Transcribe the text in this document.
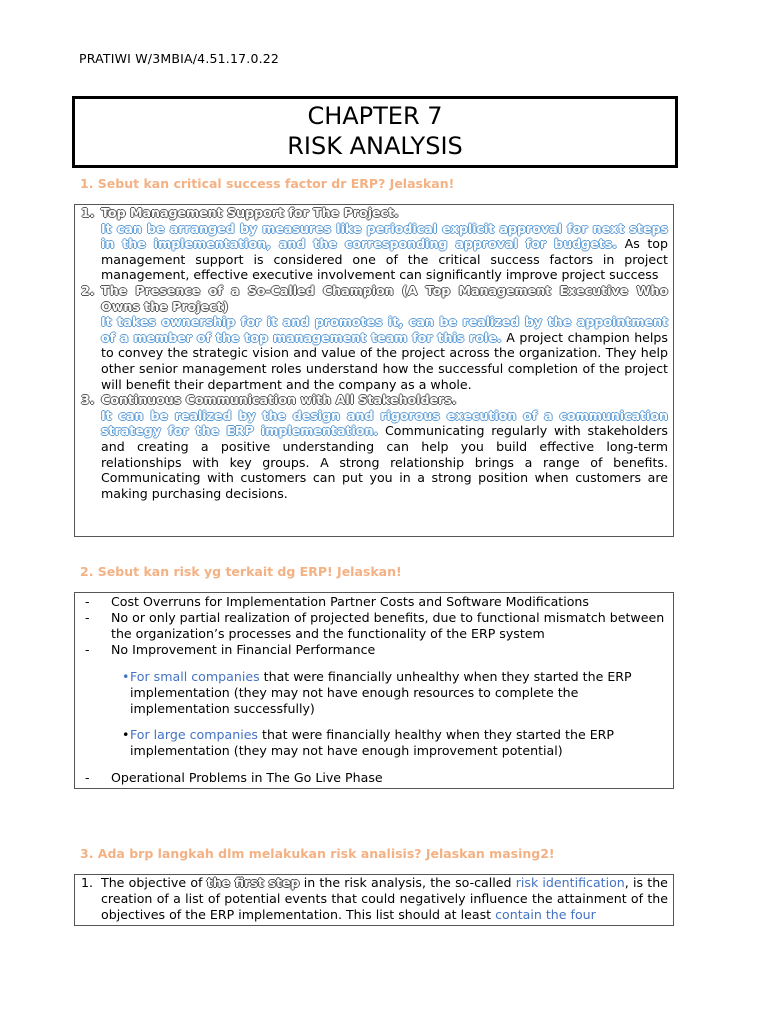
PRATIWI W/3MBIA/4.51.17.0.22
CHAPTER 7
RISK ANALYSIS
1. Sebut kan critical success factor dr ERP? Jelaskan!
1. Top Management Support for The Project.
It can be arranged by measures like periodical explicit approval for next steps in the implementation, and the corresponding approval for budgets. As top management support is considered one of the critical success factors in project management, effective executive involvement can significantly improve project success
2. The Presence of a So-Called Champion (A Top Management Executive Who Owns the Project)
It takes ownership for it and promotes it, can be realized by the appointment of a member of the top management team for this role. A project champion helps to convey the strategic vision and value of the project across the organization. They help other senior management roles understand how the successful completion of the project will benefit their department and the company as a whole.
3. Continuous Communication with All Stakeholders.
It can be realized by the design and rigorous execution of a communication strategy for the ERP implementation. Communicating regularly with stakeholders and creating a positive understanding can help you build effective long-term relationships with key groups. A strong relationship brings a range of benefits. Communicating with customers can put you in a strong position when customers are making purchasing decisions.
2. Sebut kan risk yg terkait dg ERP! Jelaskan!
- Cost Overruns for Implementation Partner Costs and Software Modifications
- No or only partial realization of projected benefits, due to functional mismatch between the organization’s processes and the functionality of the ERP system
- No Improvement in Financial Performance
• For small companies that were financially unhealthy when they started the ERP implementation (they may not have enough resources to complete the implementation successfully)
• For large companies that were financially healthy when they started the ERP implementation (they may not have enough improvement potential)
- Operational Problems in The Go Live Phase
3. Ada brp langkah dlm melakukan risk analisis? Jelaskan masing2!
1. The objective of the first step in the risk analysis, the so-called risk identification, is the creation of a list of potential events that could negatively influence the attainment of the objectives of the ERP implementation. This list should at least contain the four
